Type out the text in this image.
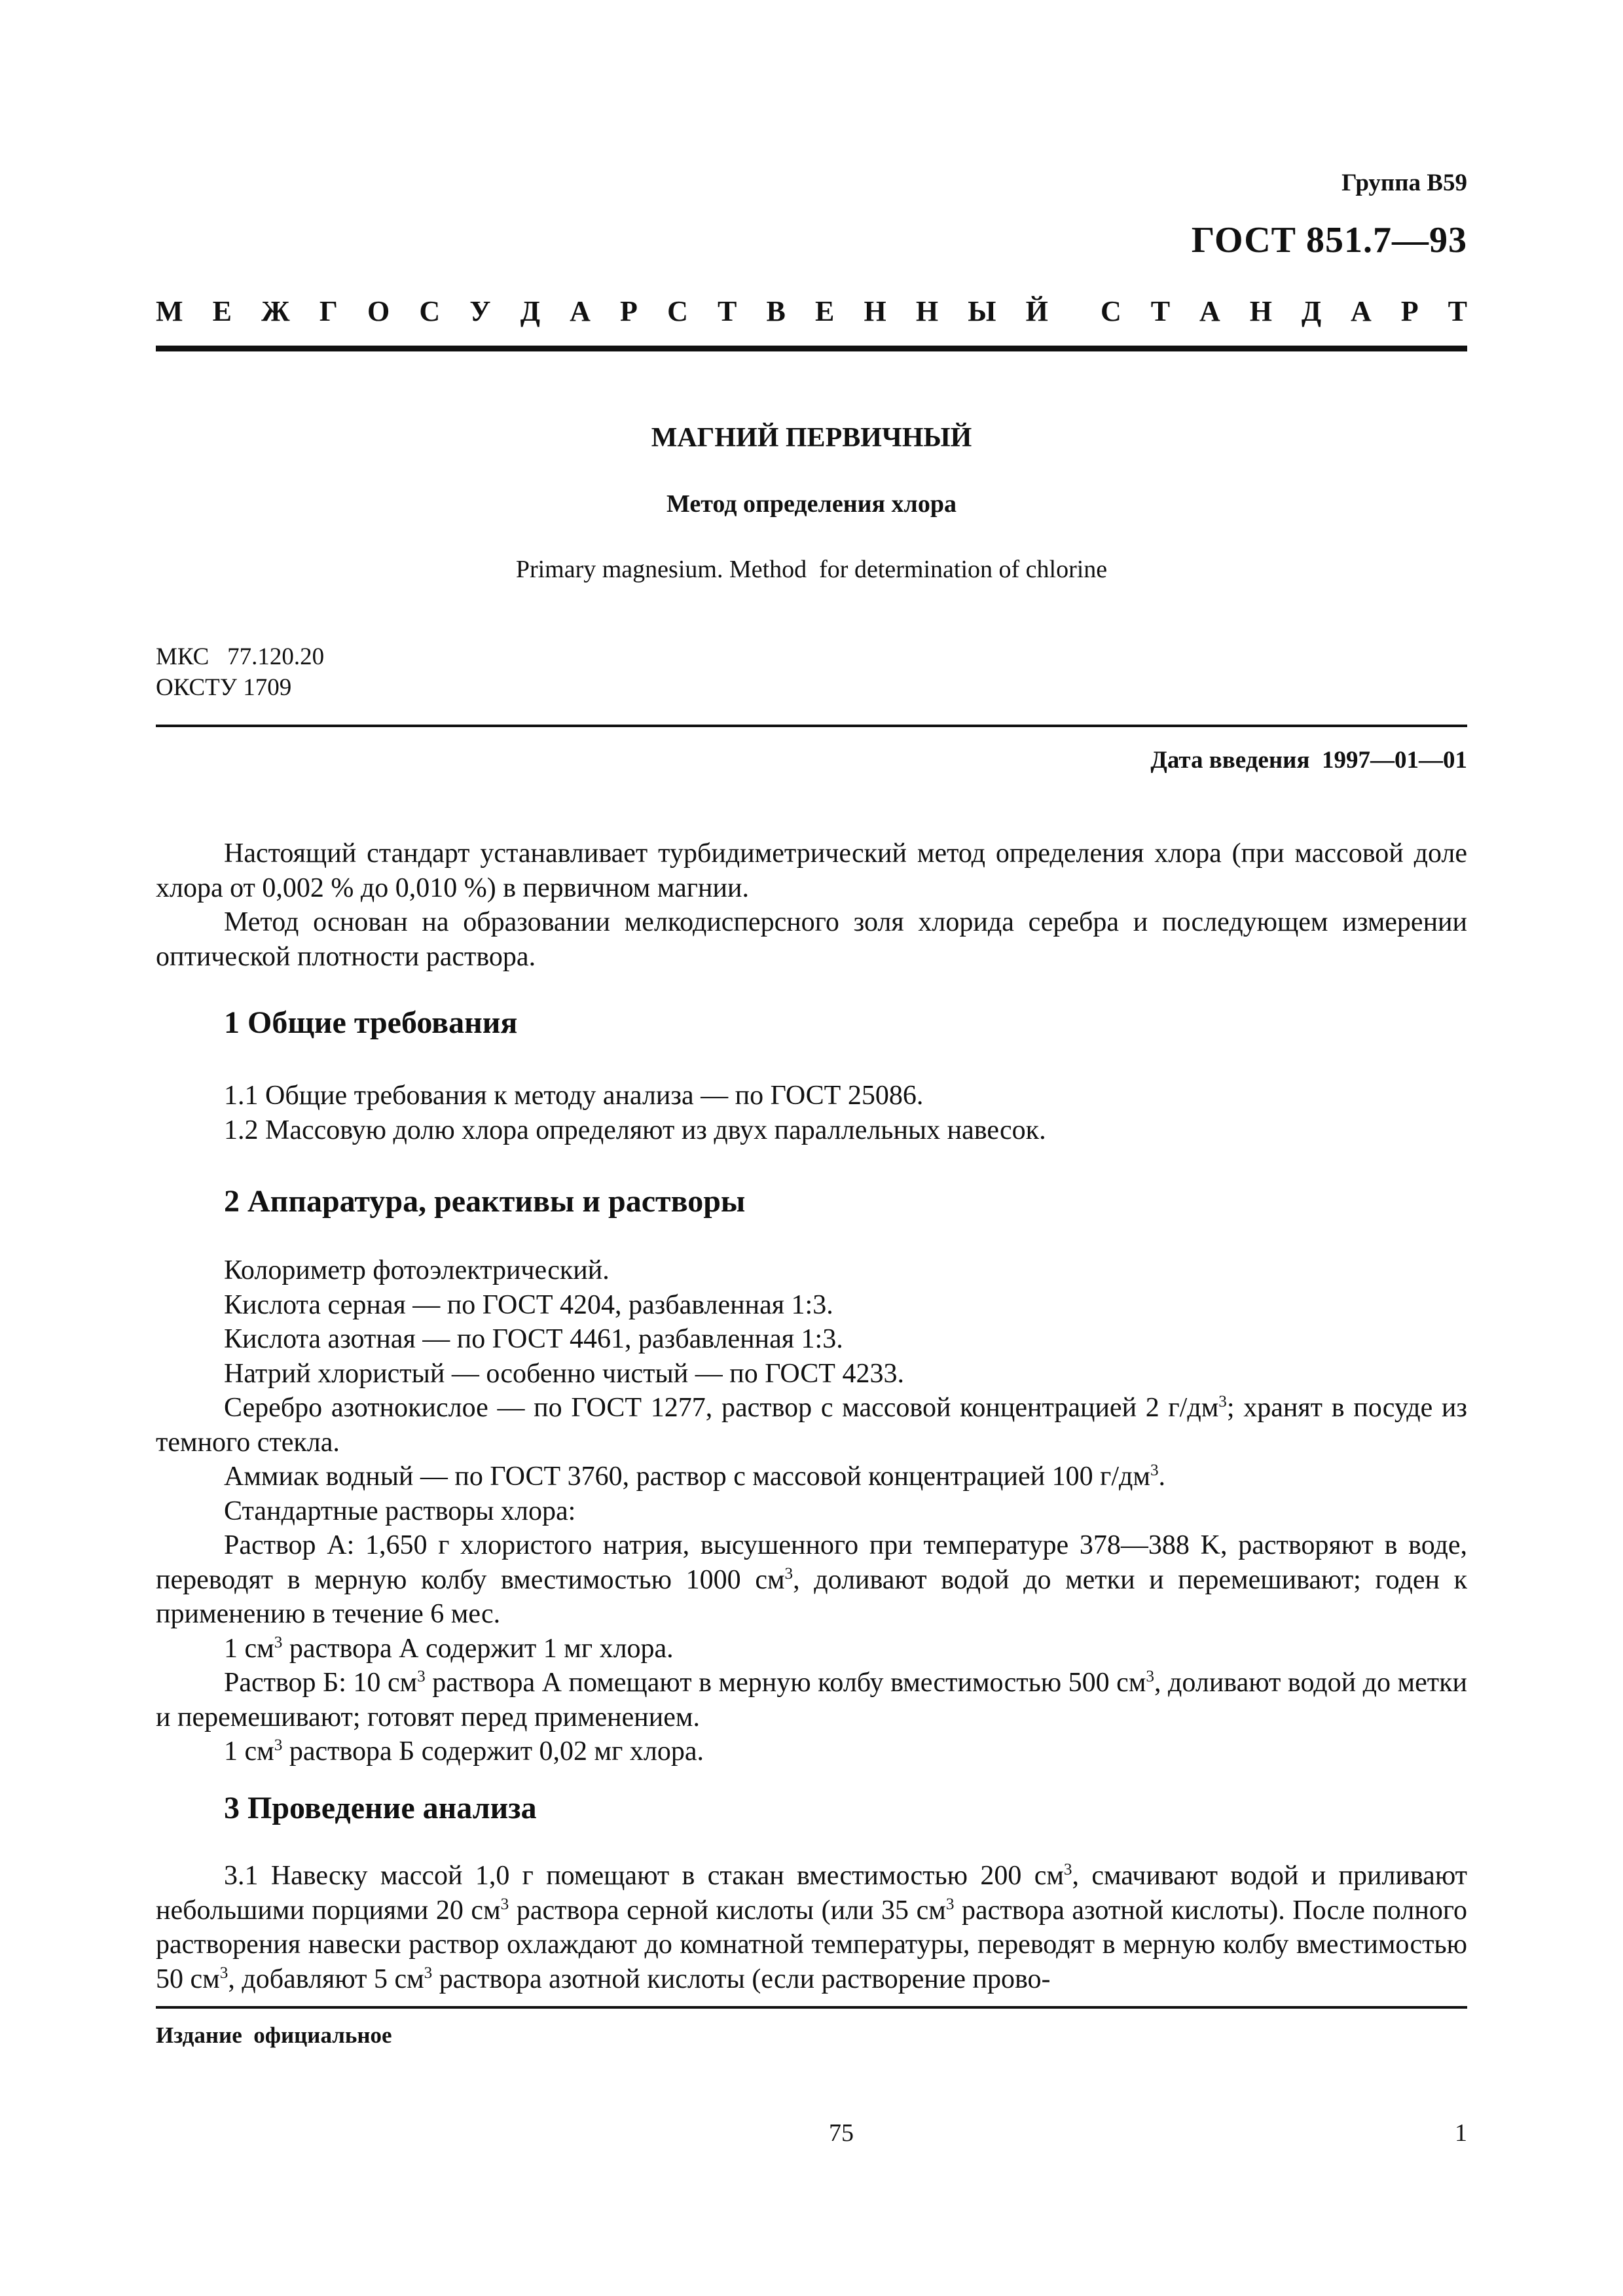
Группа B59
ГОСТ 851.7—93
М Е Ж Г О С У Д А Р С Т В Е Н Н Ы Й С Т А Н Д А Р Т
МАГНИЙ ПЕРВИЧНЫЙ
Метод определения хлора
Primary magnesium. Method  for determination of chlorine
МКС   77.120.20
ОКСТУ 1709
Дата введения  1997—01—01

Настоящий стандарт устанавливает турбидиметрический метод определения хлора (при массовой доле хлора от 0,002 % до 0,010 %) в первичном магнии.

Метод основан на образовании мелкодисперсного золя хлорида серебра и последующем измерении оптической плотности раствора.

1 Общие требования

1.1 Общие требования к методу анализа — по ГОСТ 25086.

1.2 Массовую долю хлора определяют из двух параллельных навесок.

2 Аппаратура, реактивы и растворы

Колориметр фотоэлектрический.

Кислота серная — по ГОСТ 4204, разбавленная 1:3.

Кислота азотная — по ГОСТ 4461, разбавленная 1:3.

Натрий хлористый — особенно чистый — по ГОСТ 4233.

Серебро азотнокислое — по ГОСТ 1277, раствор с массовой концентрацией 2 $г/дм^3$; хранят в посуде из темного стекла.

Аммиак водный — по ГОСТ 3760, раствор с массовой концентрацией 100 $г/дм^3$.

Стандартные растворы хлора:

Раствор А: 1,650 г хлористого натрия, высушенного при температуре 378—388 K, растворяют в воде, переводят в мерную колбу вместимостью 1000 $см^3$, доливают водой до метки и перемешивают; годен к применению в течение 6 мес.

1 $см^3$ раствора А содержит 1 мг хлора.

Раствор Б: 10 $см^3$ раствора А помещают в мерную колбу вместимостью 500 $см^3$, доливают водой до метки и перемешивают; готовят перед применением.

1 $см^3$ раствора Б содержит 0,02 мг хлора.

3 Проведение анализа

3.1 Навеску массой 1,0 г помещают в стакан вместимостью 200 $см^3$, смачивают водой и приливают небольшими порциями 20 $см^3$ раствора серной кислоты (или 35 $см^3$ раствора азотной кислоты). После полного растворения навески раствор охлаждают до комнатной температуры, переводят в мерную колбу вместимостью 50 $см^3$, добавляют 5 $см^3$ раствора азотной кислоты (если растворение прово-

Издание  официальное
75	1
